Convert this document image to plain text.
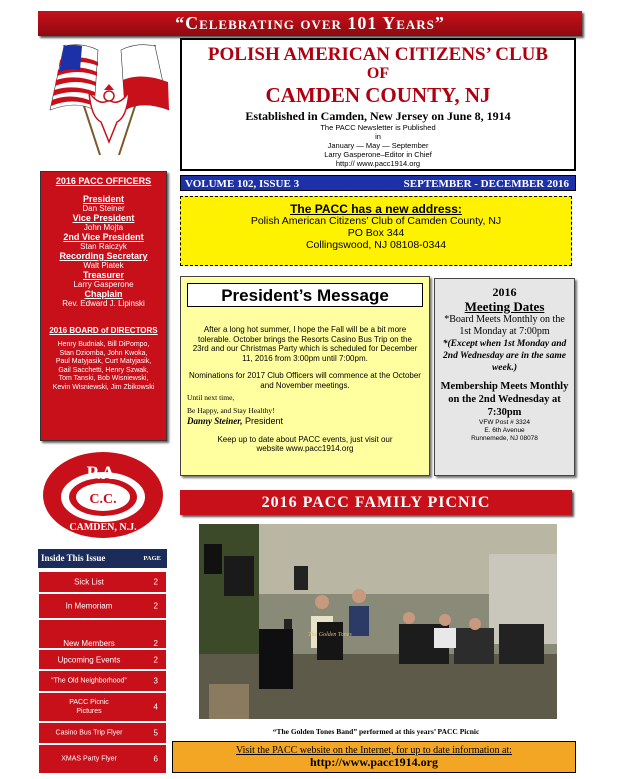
“Celebrating over 101 Years”
POLISH AMERICAN CITIZENS’ CLUB
OF
CAMDEN COUNTY, NJ
Established in Camden, New Jersey on June 8, 1914
The PACC Newsletter is Published
in
January — May — September
Larry Gasperone–Editor in Chief
http:// www.pacc1914.org
VOLUME 102, ISSUE 3	SEPTEMBER - DECEMBER 2016
2016 PACC OFFICERS
President
Dan Steiner
Vice President
John Mojta
2nd Vice President
Stan Raiczyk
Recording Secretary
Walt Piatek
Treasurer
Larry Gasperone
Chaplain
Rev. Edward J. Lipinski
2016 BOARD of DIRECTORS
Henry Budniak, Bill DiPompo,
Stan Dziomba, John Kwoka,
Paul Matyjasik, Curt Matyjasik,
Gail Sacchetti, Henry Szwak,
Tom Tanski, Bob Wisniewski,
Kevin Wisniewski, Jim Zbikowski
P.A.
C.C.
CAMDEN, N.J.
The PACC has a new address:
Polish American Citizens’ Club of Camden County, NJ
PO Box 344
Collingswood, NJ 08108-0344
President’s Message
After a long hot summer, I hope the Fall will be a bit more tolerable. October brings the Resorts Casino Bus Trip on the 23rd and our Christmas Party which is scheduled for December 11, 2016 from 3:00pm until 7:00pm.
Nominations for 2017 Club Officers will commence at the October and November meetings.
Until next time,
Be Happy, and Stay Healthy!
Danny Steiner, President
Keep up to date about PACC events, just visit our website www.pacc1914.org
2016
Meeting Dates
*Board Meets Monthly on the 1st Monday at 7:00pm
*(Except when 1st Monday and 2nd Wednesday are in the same week.)
Membership Meets Monthly on the 2nd Wednesday at 7:30pm
VFW Post # 3324
E. 6th Avenue
Runnemede, NJ 08078
2016 PACC FAMILY PICNIC
The Golden Tones
“The Golden Tones Band” performed at this years’ PACC Picnic
Visit the PACC website on the Internet, for up to date information at:
http://www.pacc1914.org
Inside This Issue	PAGE
Sick List	2
In Memoriam	2
New Members	2
Upcoming Events	2
“The Old Neighborhood”	3
PACC Picnic Pictures	4
Casino Bus Trip Flyer	5
XMAS Party Flyer	6
